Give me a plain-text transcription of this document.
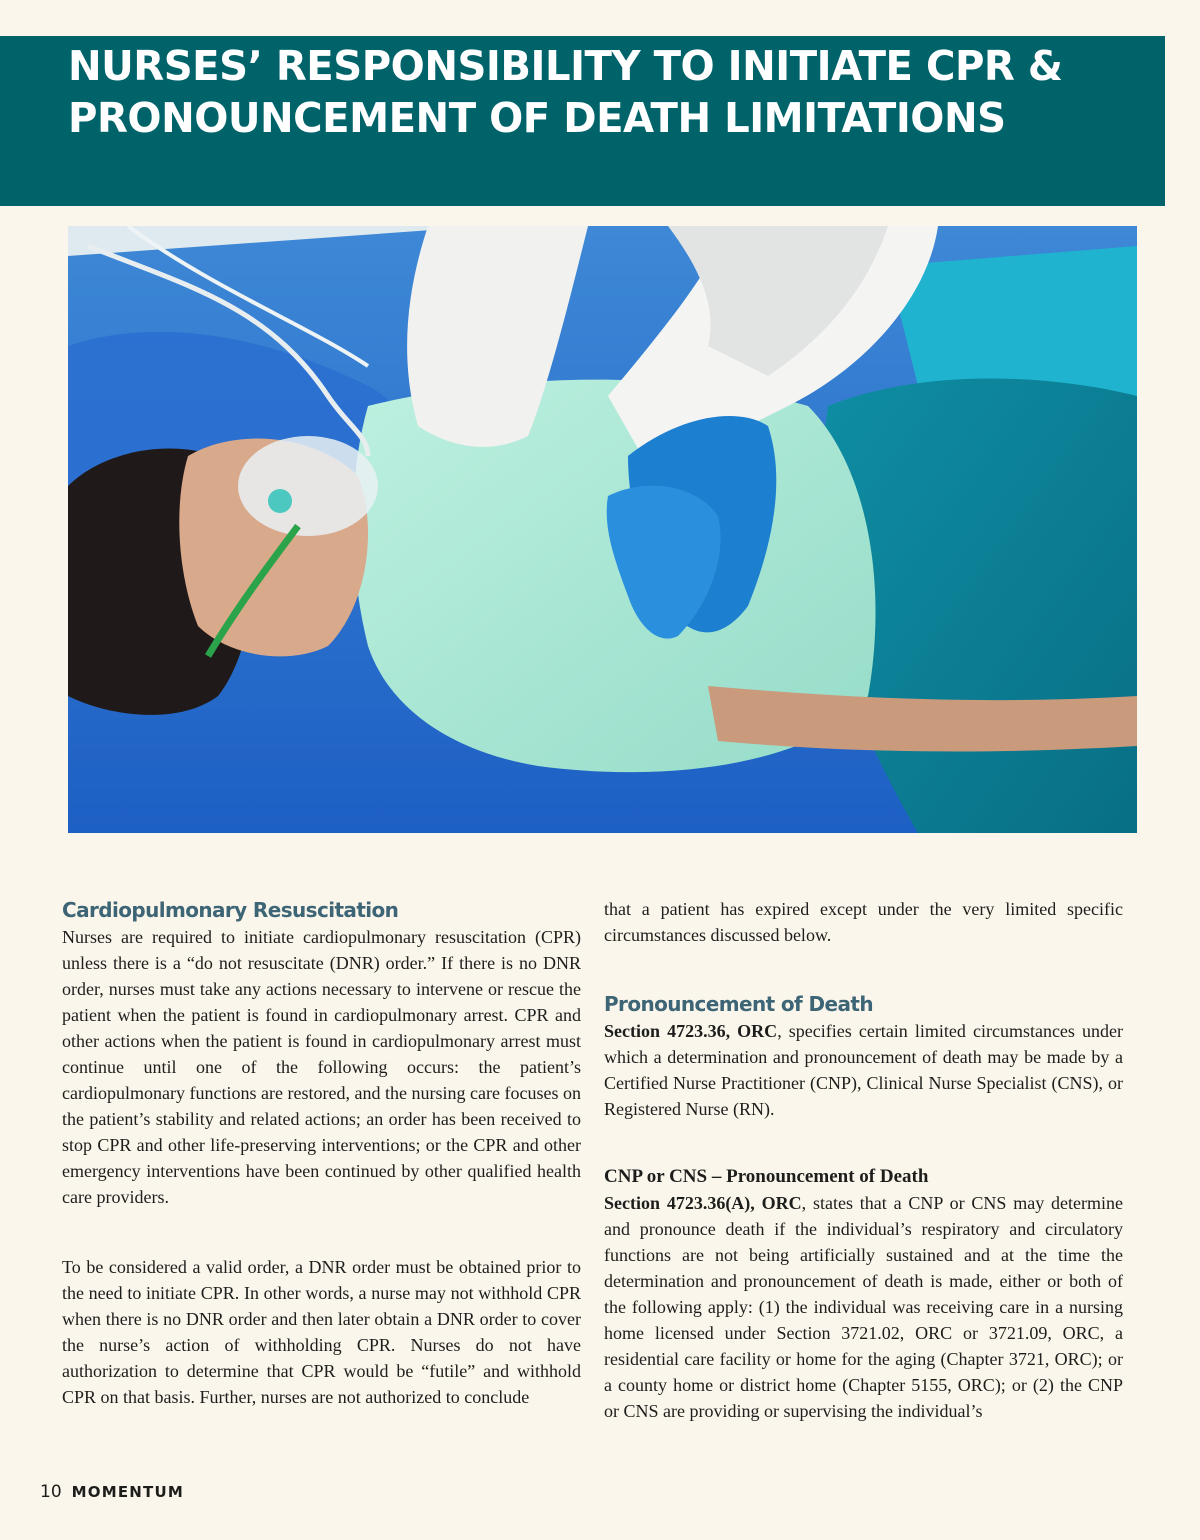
NURSES’ RESPONSIBILITY TO INITIATE CPR &
PRONOUNCEMENT OF DEATH LIMITATIONS
Cardiopulmonary Resuscitation

Nurses are required to initiate cardiopulmonary resuscitation (CPR) unless there is a “do not resuscitate (DNR) order.” If there is no DNR order, nurses must take any actions necessary to intervene or rescue the patient when the patient is found in cardiopulmonary arrest. CPR and other actions when the patient is found in cardiopulmonary arrest must continue until one of the following occurs: the patient’s cardiopulmonary functions are restored, and the nursing care focuses on the patient’s stability and related actions; an order has been received to stop CPR and other life-preserving interventions; or the CPR and other emergency interventions have been continued by other qualified health care providers.

To be considered a valid order, a DNR order must be obtained prior to the need to initiate CPR. In other words, a nurse may not withhold CPR when there is no DNR order and then later obtain a DNR order to cover the nurse’s action of withholding CPR. Nurses do not have authorization to determine that CPR would be “futile” and withhold CPR on that basis. Further, nurses are not authorized to conclude

that a patient has expired except under the very limited specific circumstances discussed below.

Pronouncement of Death

Section 4723.36, ORC, specifies certain limited circumstances under which a determination and pronouncement of death may be made by a Certified Nurse Practitioner (CNP), Clinical Nurse Specialist (CNS), or Registered Nurse (RN).

CNP or CNS – Pronouncement of Death

Section 4723.36(A), ORC, states that a CNP or CNS may determine and pronounce death if the individual’s respiratory and circulatory functions are not being artificially sustained and at the time the determination and pronouncement of death is made, either or both of the following apply: (1) the individual was receiving care in a nursing home licensed under Section 3721.02, ORC or 3721.09, ORC, a residential care facility or home for the aging (Chapter 3721, ORC); or a county home or district home (Chapter 5155, ORC); or (2) the CNP or CNS are providing or supervising the individual’s

10 MOMENTUM
